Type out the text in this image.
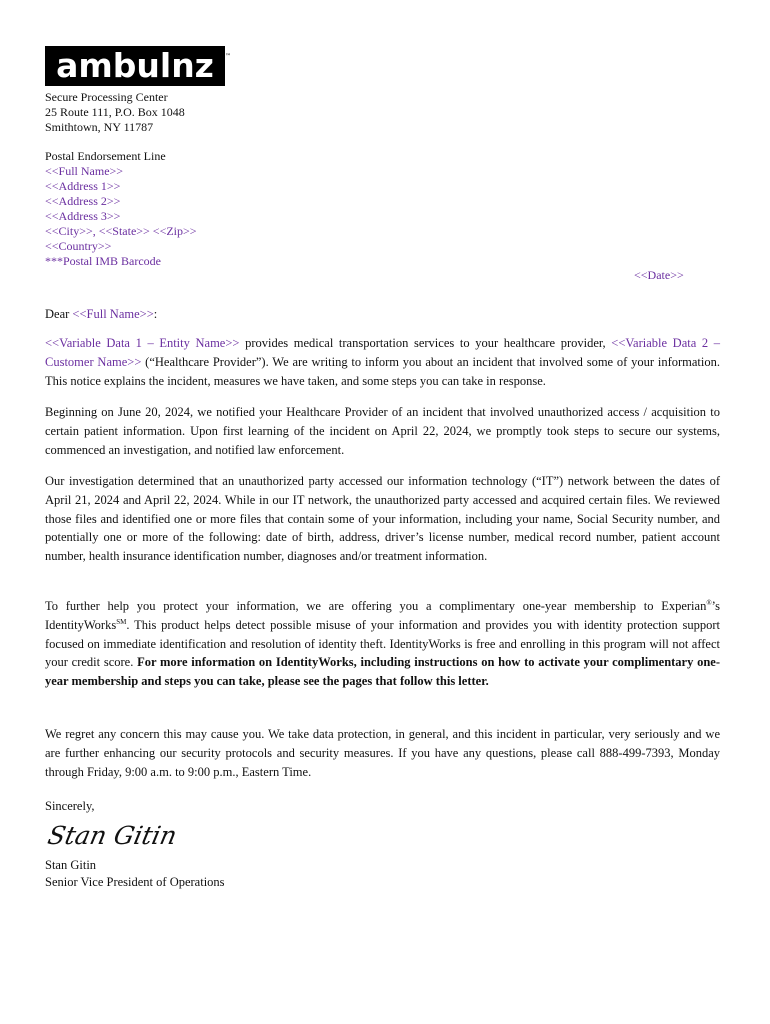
ambulnz ™
Secure Processing Center
25 Route 111, P.O. Box 1048
Smithtown, NY 11787
Postal Endorsement Line
<<Full Name>>
<<Address 1>>
<<Address 2>>
<<Address 3>>
<<City>>, <<State>> <<Zip>>
<<Country>>
***Postal IMB Barcode
<<Date>>
Dear <<Full Name>>:

<<Variable Data 1 – Entity Name>> provides medical transportation services to your healthcare provider, <<Variable Data 2 – Customer Name>> (“Healthcare Provider”). We are writing to inform you about an incident that involved some of your information. This notice explains the incident, measures we have taken, and some steps you can take in response.

Beginning on June 20, 2024, we notified your Healthcare Provider of an incident that involved unauthorized access / acquisition to certain patient information. Upon first learning of the incident on April 22, 2024, we promptly took steps to secure our systems, commenced an investigation, and notified law enforcement.

Our investigation determined that an unauthorized party accessed our information technology (“IT”) network between the dates of April 21, 2024 and April 22, 2024. While in our IT network, the unauthorized party accessed and acquired certain files. We reviewed those files and identified one or more files that contain some of your information, including your name, Social Security number, and potentially one or more of the following: date of birth, address, driver’s license number, medical record number, patient account number, health insurance identification number, diagnoses and/or treatment information.

To further help you protect your information, we are offering you a complimentary one-year membership to Experian®’s IdentityWorks℠. This product helps detect possible misuse of your information and provides you with identity protection support focused on immediate identification and resolution of identity theft. IdentityWorks is free and enrolling in this program will not affect your credit score. For more information on IdentityWorks, including instructions on how to activate your complimentary one-year membership and steps you can take, please see the pages that follow this letter.

We regret any concern this may cause you. We take data protection, in general, and this incident in particular, very seriously and we are further enhancing our security protocols and security measures. If you have any questions, please call 888-499-7393, Monday through Friday, 9:00 a.m. to 9:00 p.m., Eastern Time.

Sincerely,
Stan Gitin
Stan Gitin
Senior Vice President of Operations
